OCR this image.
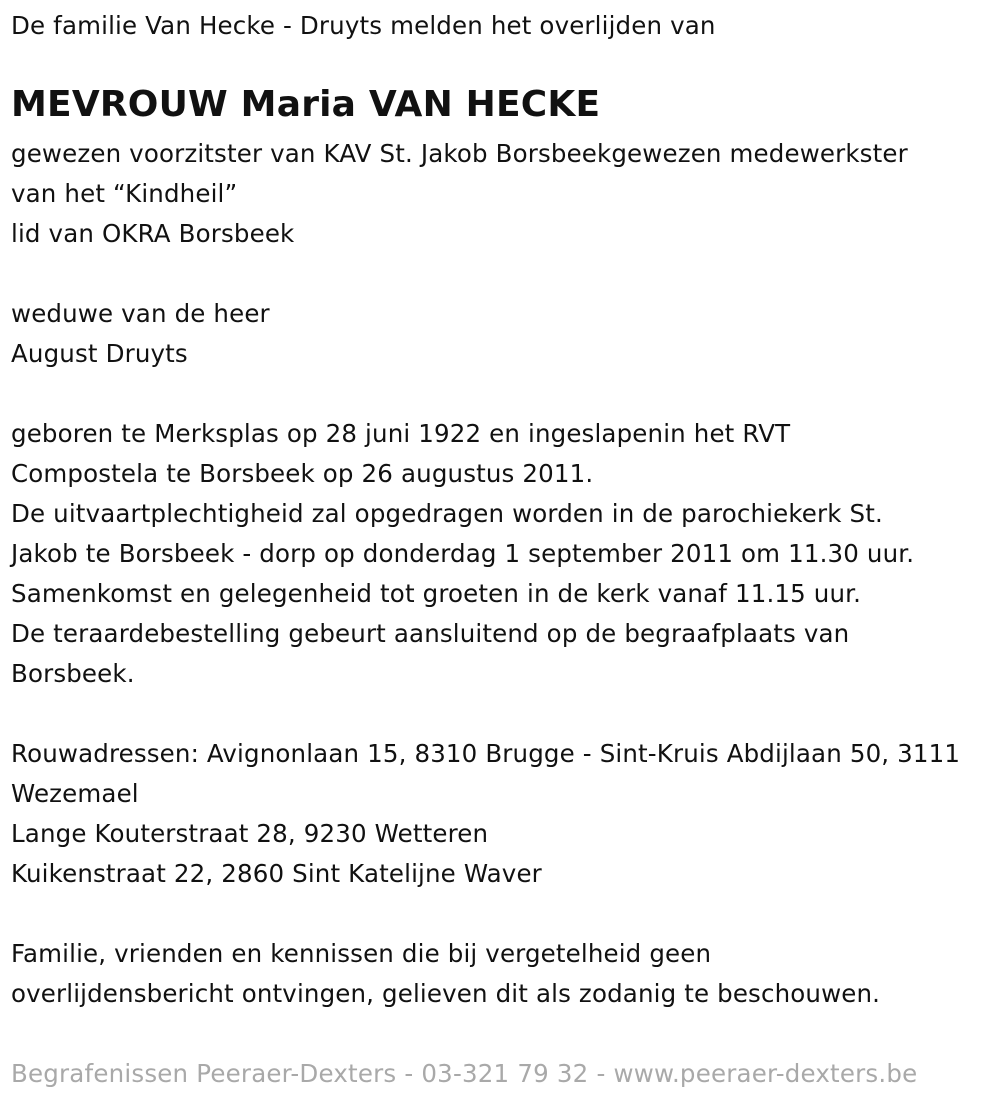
De familie Van Hecke - Druyts melden het overlijden van
MEVROUW Maria VAN HECKE
gewezen voorzitster van KAV St. Jakob Borsbeekgewezen medewerkster
van het “Kindheil”
lid van OKRA Borsbeek
weduwe van de heer
August Druyts
geboren te Merksplas op 28 juni 1922 en ingeslapenin het RVT
Compostela te Borsbeek op 26 augustus 2011.
De uitvaartplechtigheid zal opgedragen worden in de parochiekerk St.
Jakob te Borsbeek - dorp op donderdag 1 september 2011 om 11.30 uur.
Samenkomst en gelegenheid tot groeten in de kerk vanaf 11.15 uur.
De teraardebestelling gebeurt aansluitend op de begraafplaats van
Borsbeek.
Rouwadressen: Avignonlaan 15, 8310 Brugge - Sint-Kruis Abdijlaan 50, 3111
Wezemael
Lange Kouterstraat 28, 9230 Wetteren
Kuikenstraat 22, 2860 Sint Katelijne Waver
Familie, vrienden en kennissen die bij vergetelheid geen
overlijdensbericht ontvingen, gelieven dit als zodanig te beschouwen.
Begrafenissen Peeraer-Dexters - 03-321 79 32 - www.peeraer-dexters.be
